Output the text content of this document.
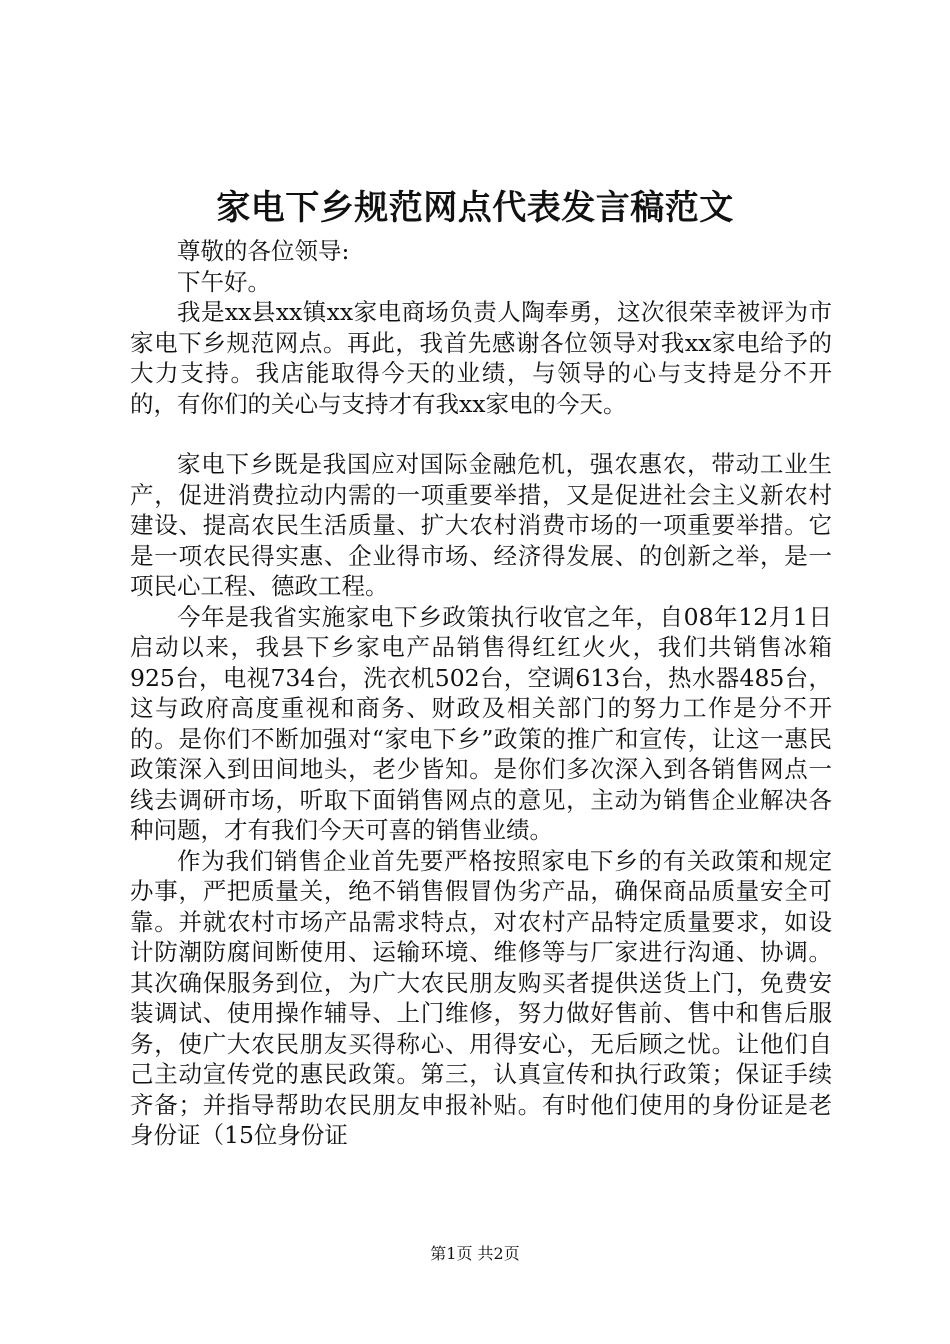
家电下乡规范网点代表发言稿范文

尊敬的各位领导:

下午好。

我是xx县xx镇xx家电商场负责人陶奉勇，这次很荣幸被评为市家电下乡规范网点。再此，我首先感谢各位领导对我xx家电给予的大力支持。我店能取得今天的业绩，与领导的心与支持是分不开的，有你们的关心与支持才有我xx家电的今天。

家电下乡既是我国应对国际金融危机，强农惠农，带动工业生产，促进消费拉动内需的一项重要举措，又是促进社会主义新农村建设、提高农民生活质量、扩大农村消费市场的一项重要举措。它是一项农民得实惠、企业得市场、经济得发展、的创新之举，是一项民心工程、德政工程。

今年是我省实施家电下乡政策执行收官之年，自08年12月1日启动以来，我县下乡家电产品销售得红红火火，我们共销售冰箱925台，电视734台，洗衣机502台，空调613台，热水器485台，这与政府高度重视和商务、财政及相关部门的努力工作是分不开的。是你们不断加强对“家电下乡”政策的推广和宣传，让这一惠民政策深入到田间地头，老少皆知。是你们多次深入到各销售网点一线去调研市场，听取下面销售网点的意见，主动为销售企业解决各种问题，才有我们今天可喜的销售业绩。

作为我们销售企业首先要严格按照家电下乡的有关政策和规定办事，严把质量关，绝不销售假冒伪劣产品，确保商品质量安全可靠。并就农村市场产品需求特点，对农村产品特定质量要求，如设计防潮防腐间断使用、运输环境、维修等与厂家进行沟通、协调。其次确保服务到位，为广大农民朋友购买者提供送货上门，免费安装调试、使用操作辅导、上门维修，努力做好售前、售中和售后服务，使广大农民朋友买得称心、用得安心，无后顾之忧。让他们自己主动宣传党的惠民政策。第三，认真宣传和执行政策；保证手续齐备；并指导帮助农民朋友申报补贴。有时他们使用的身份证是老身份证（15位身份证

第1页 共2页
